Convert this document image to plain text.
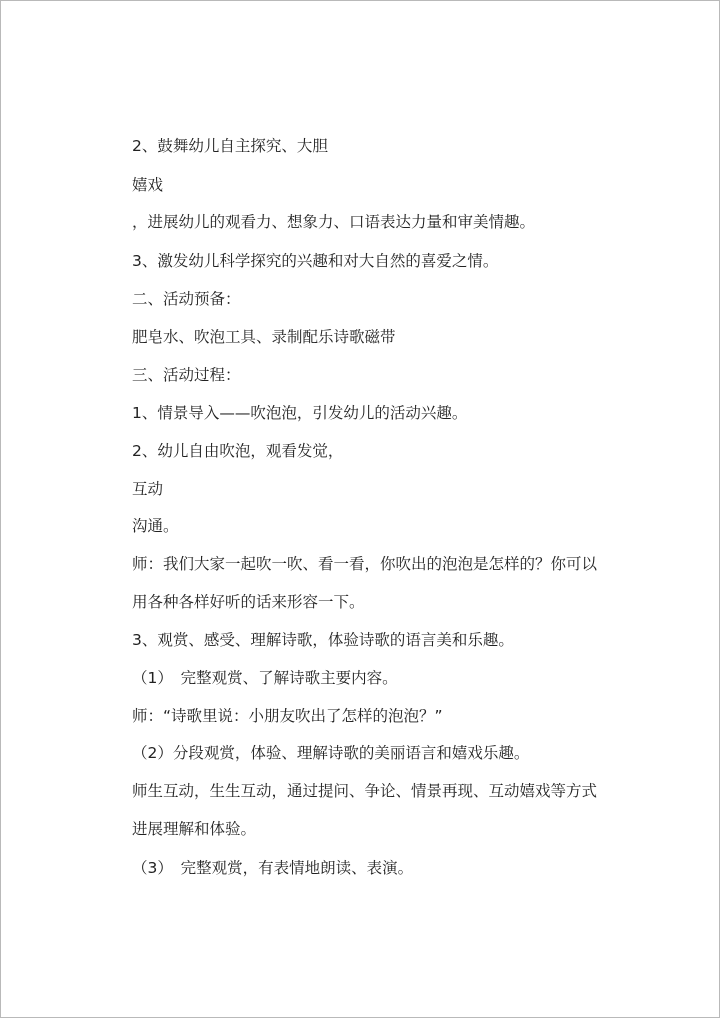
2、鼓舞幼儿自主探究、大胆
嬉戏
，进展幼儿的观看力、想象力、口语表达力量和审美情趣。
3、激发幼儿科学探究的兴趣和对大自然的喜爱之情。
二、活动预备：
肥皂水、吹泡工具、录制配乐诗歌磁带
三、活动过程：
1、情景导入——吹泡泡，引发幼儿的活动兴趣。
2、幼儿自由吹泡，观看发觉，
互动
沟通。
师：我们大家一起吹一吹、看一看，你吹出的泡泡是怎样的？你可以
用各种各样好听的话来形容一下。
3、观赏、感受、理解诗歌，体验诗歌的语言美和乐趣。
（1）　完整观赏、了解诗歌主要内容。
师：“诗歌里说：小朋友吹出了怎样的泡泡？”
（2）分段观赏，体验、理解诗歌的美丽语言和嬉戏乐趣。
师生互动，生生互动，通过提问、争论、情景再现、互动嬉戏等方式
进展理解和体验。
（3）　完整观赏，有表情地朗读、表演。
